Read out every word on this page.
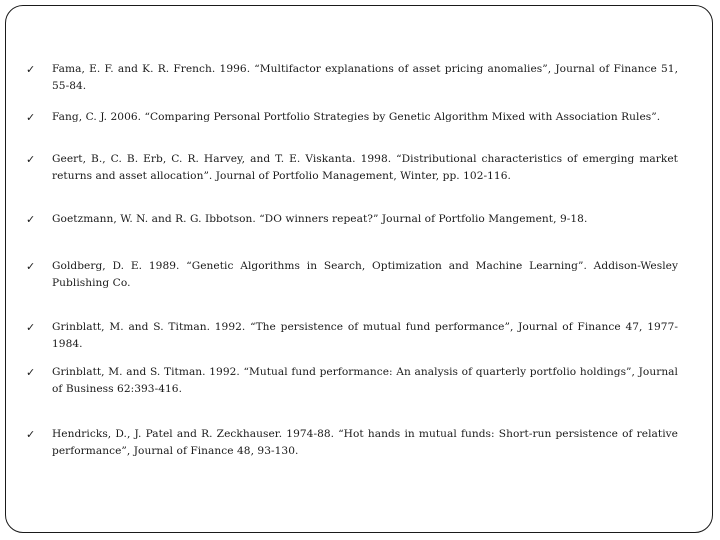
✓ Fama, E. F. and K. R. French. 1996. “Multifactor explanations of asset pricing anomalies”, Journal of Finance 51, 55-84.
✓ Fang, C. J. 2006. “Comparing Personal Portfolio Strategies by Genetic Algorithm Mixed with Association Rules”.
✓ Geert, B., C. B. Erb, C. R. Harvey, and T. E. Viskanta. 1998. “Distributional characteristics of emerging market returns and asset allocation”. Journal of Portfolio Management, Winter, pp. 102-116.
✓ Goetzmann, W. N. and R. G. Ibbotson. “DO winners repeat?” Journal of Portfolio Mangement, 9-18.
✓ Goldberg, D. E. 1989. “Genetic Algorithms in Search, Optimization and Machine Learning”. Addison-Wesley Publishing Co.
✓ Grinblatt, M. and S. Titman. 1992. “The persistence of mutual fund performance”, Journal of Finance 47, 1977-1984.
✓ Grinblatt, M. and S. Titman. 1992. “Mutual fund performance: An analysis of quarterly portfolio holdings”, Journal of Business 62:393-416.
✓ Hendricks, D., J. Patel and R. Zeckhauser. 1974-88. “Hot hands in mutual funds: Short-run persistence of relative performance”, Journal of Finance 48, 93-130.
